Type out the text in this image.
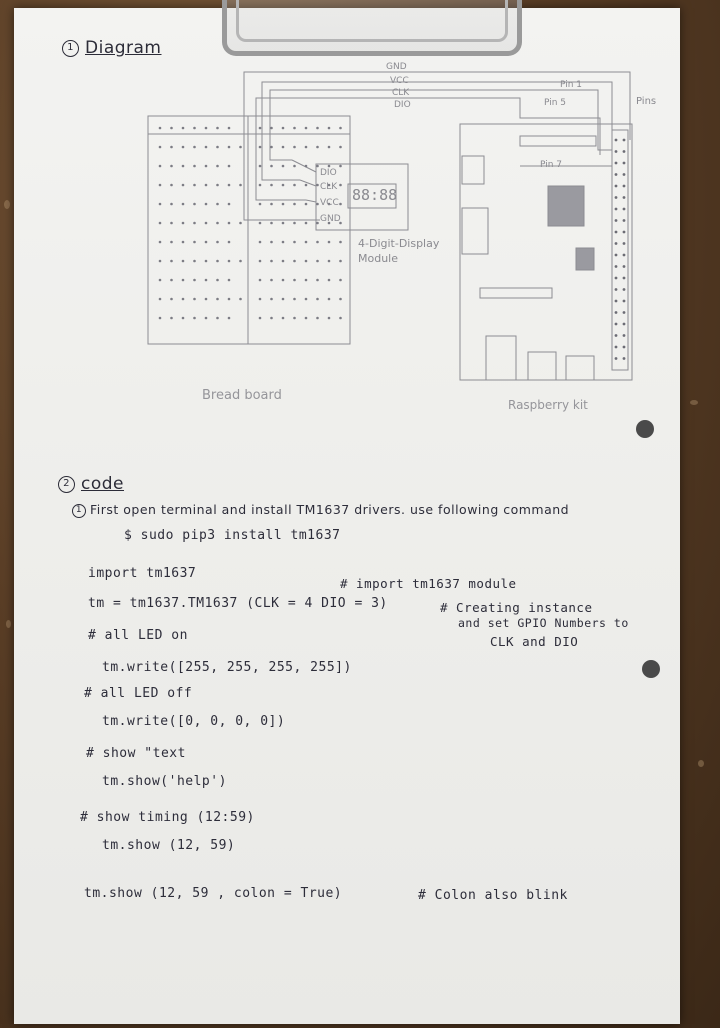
1 Diagram
GND
VCC
CLK
DIO
Pin 1
Pin 5
Pin 7
Pins
DIO
CLK
VCC
GND
88:88
4-Digit-Display Module
Bread board
Raspberry kit
2 code
1 First open terminal and install TM1637 drivers. use following command
$ sudo pip3 install tm1637
import tm1637
# import tm1637 module
tm = tm1637.TM1637 (CLK = 4 DIO = 3)	# Creating instance
and set GPIO Numbers to
CLK and DIO
# all LED on
tm.write([255, 255, 255, 255])
# all LED off
tm.write([0, 0, 0, 0])
# show "text
tm.show('help')
# show timing (12:59)
tm.show (12, 59)
tm.show (12, 59 , colon = True)	# Colon also blink
